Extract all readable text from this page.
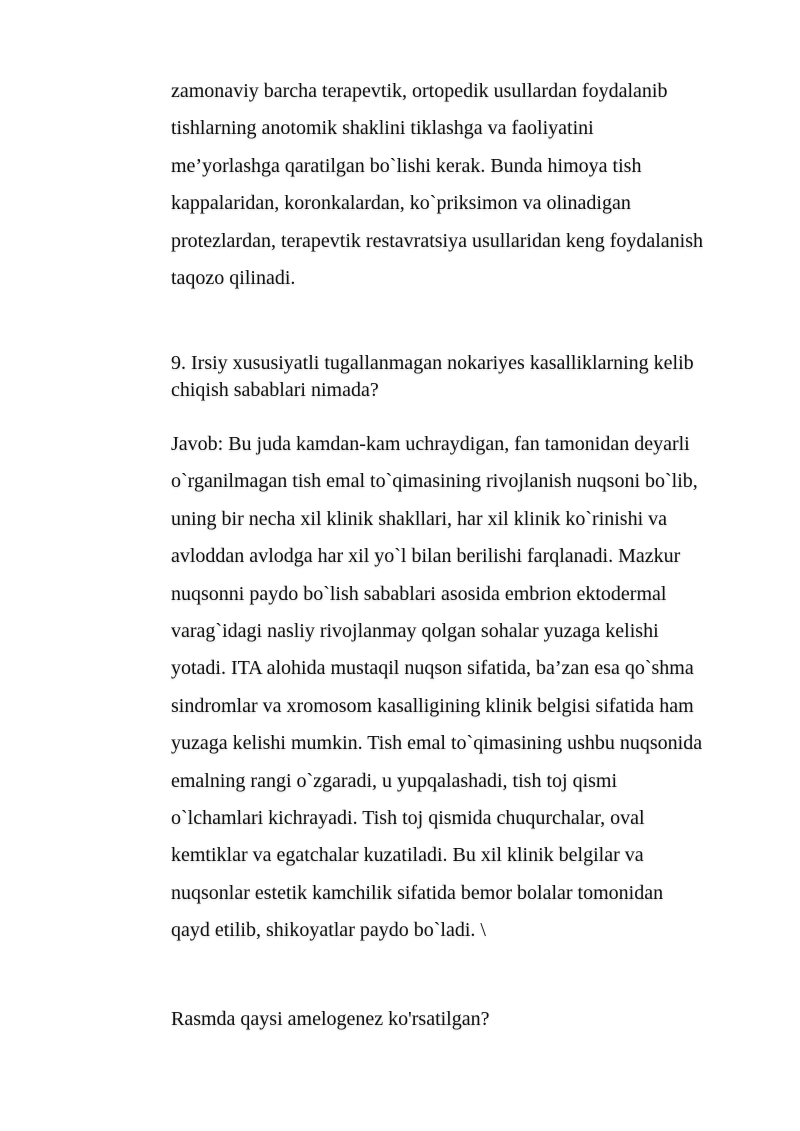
zamonaviy barcha terapevtik, ortopedik usullardan foydalanib
tishlarning anotomik shaklini tiklashga va faoliyatini
me’yorlashga qaratilgan bo`lishi kerak. Bunda himoya tish
kappalaridan, koronkalardan, ko`priksimon va olinadigan
protezlardan, terapevtik restavratsiya usullaridan keng foydalanish
taqozo qilinadi.
9. Irsiy xususiyatli tugallanmagan nokariyes kasalliklarning kelib
chiqish sabablari nimada?
Javob: Bu juda kamdan-kam uchraydigan, fan tamonidan deyarli
o`rganilmagan tish emal to`qimasining rivojlanish nuqsoni bo`lib,
uning bir necha xil klinik shakllari, har xil klinik ko`rinishi va
avloddan avlodga har xil yo`l bilan berilishi farqlanadi. Mazkur
nuqsonni paydo bo`lish sabablari asosida embrion ektodermal
varag`idagi nasliy rivojlanmay qolgan sohalar yuzaga kelishi
yotadi. ITA alohida mustaqil nuqson sifatida, ba’zan esa qo`shma
sindromlar va xromosom kasalligining klinik belgisi sifatida ham
yuzaga kelishi mumkin. Tish emal to`qimasining ushbu nuqsonida
emalning rangi o`zgaradi, u yupqalashadi, tish toj qismi
o`lchamlari kichrayadi. Tish toj qismida chuqurchalar, oval
kemtiklar va egatchalar kuzatiladi. Bu xil klinik belgilar va
nuqsonlar estetik kamchilik sifatida bemor bolalar tomonidan
qayd etilib, shikoyatlar paydo bo`ladi. \
Rasmda qaysi amelogenez ko'rsatilgan?
